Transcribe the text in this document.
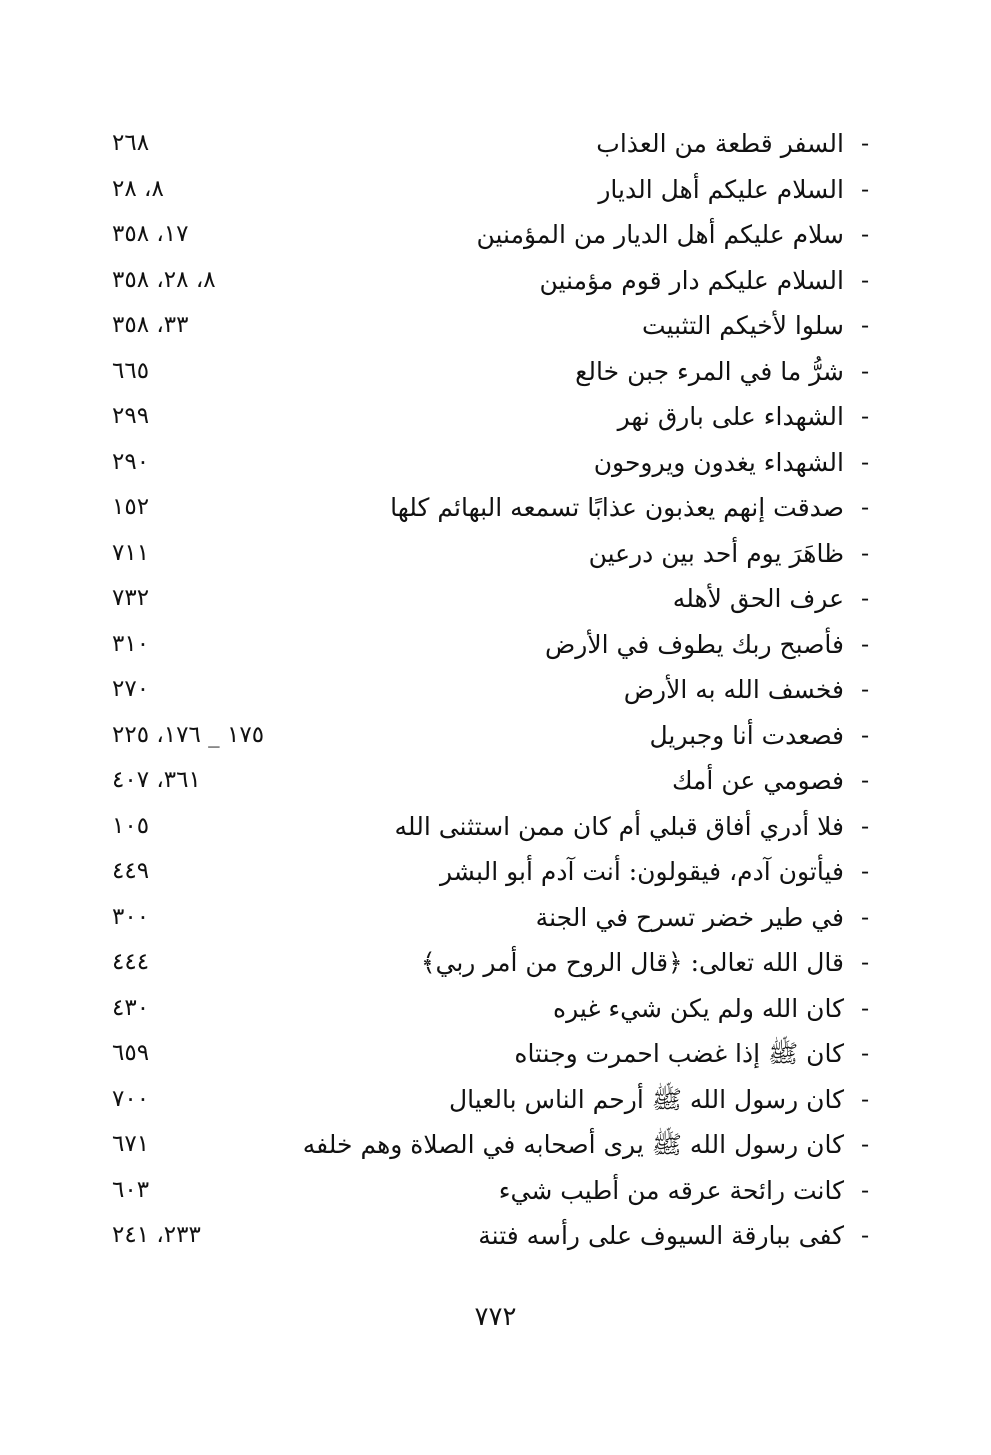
-
السفر قطعة من العذاب
٢٦٨
-
السلام عليكم أهل الديار
٨، ٢٨
-
سلام عليكم أهل الديار من المؤمنين
١٧، ٣٥٨
-
السلام عليكم دار قوم مؤمنين
٨، ٢٨، ٣٥٨
-
سلوا لأخيكم التثبيت
٣٣، ٣٥٨
-
شرُّ ما في المرء جبن خالع
٦٦٥
-
الشهداء على بارق نهر
٢٩٩
-
الشهداء يغدون ويروحون
٢٩٠
-
صدقت إنهم يعذبون عذابًا تسمعه البهائم كلها
١٥٢
-
ظاهَرَ يوم أحد بين درعين
٧١١
-
عرف الحق لأهله
٧٣٢
-
فأصبح ربك يطوف في الأرض
٣١٠
-
فخسف الله به الأرض
٢٧٠
-
فصعدت أنا وجبريل
١٧٥ _ ١٧٦، ٢٢٥
-
فصومي عن أمك
٣٦١، ٤٠٧
-
فلا أدري أفاق قبلي أم كان ممن استثنى الله
١٠٥
-
فيأتون آدم، فيقولون: أنت آدم أبو البشر
٤٤٩
-
في طير خضر تسرح في الجنة
٣٠٠
-
قال الله تعالى: ﴿قال الروح من أمر ربي﴾
٤٤٤
-
كان الله ولم يكن شيء غيره
٤٣٠
-
كان ﷺ إذا غضب احمرت وجنتاه
٦٥٩
-
كان رسول الله ﷺ أرحم الناس بالعيال
٧٠٠
-
كان رسول الله ﷺ يرى أصحابه في الصلاة وهم خلفه
٦٧١
-
كانت رائحة عرقه من أطيب شيء
٦٠٣
-
كفى ببارقة السيوف على رأسه فتنة
٢٣٣، ٢٤١
٧٧٢
